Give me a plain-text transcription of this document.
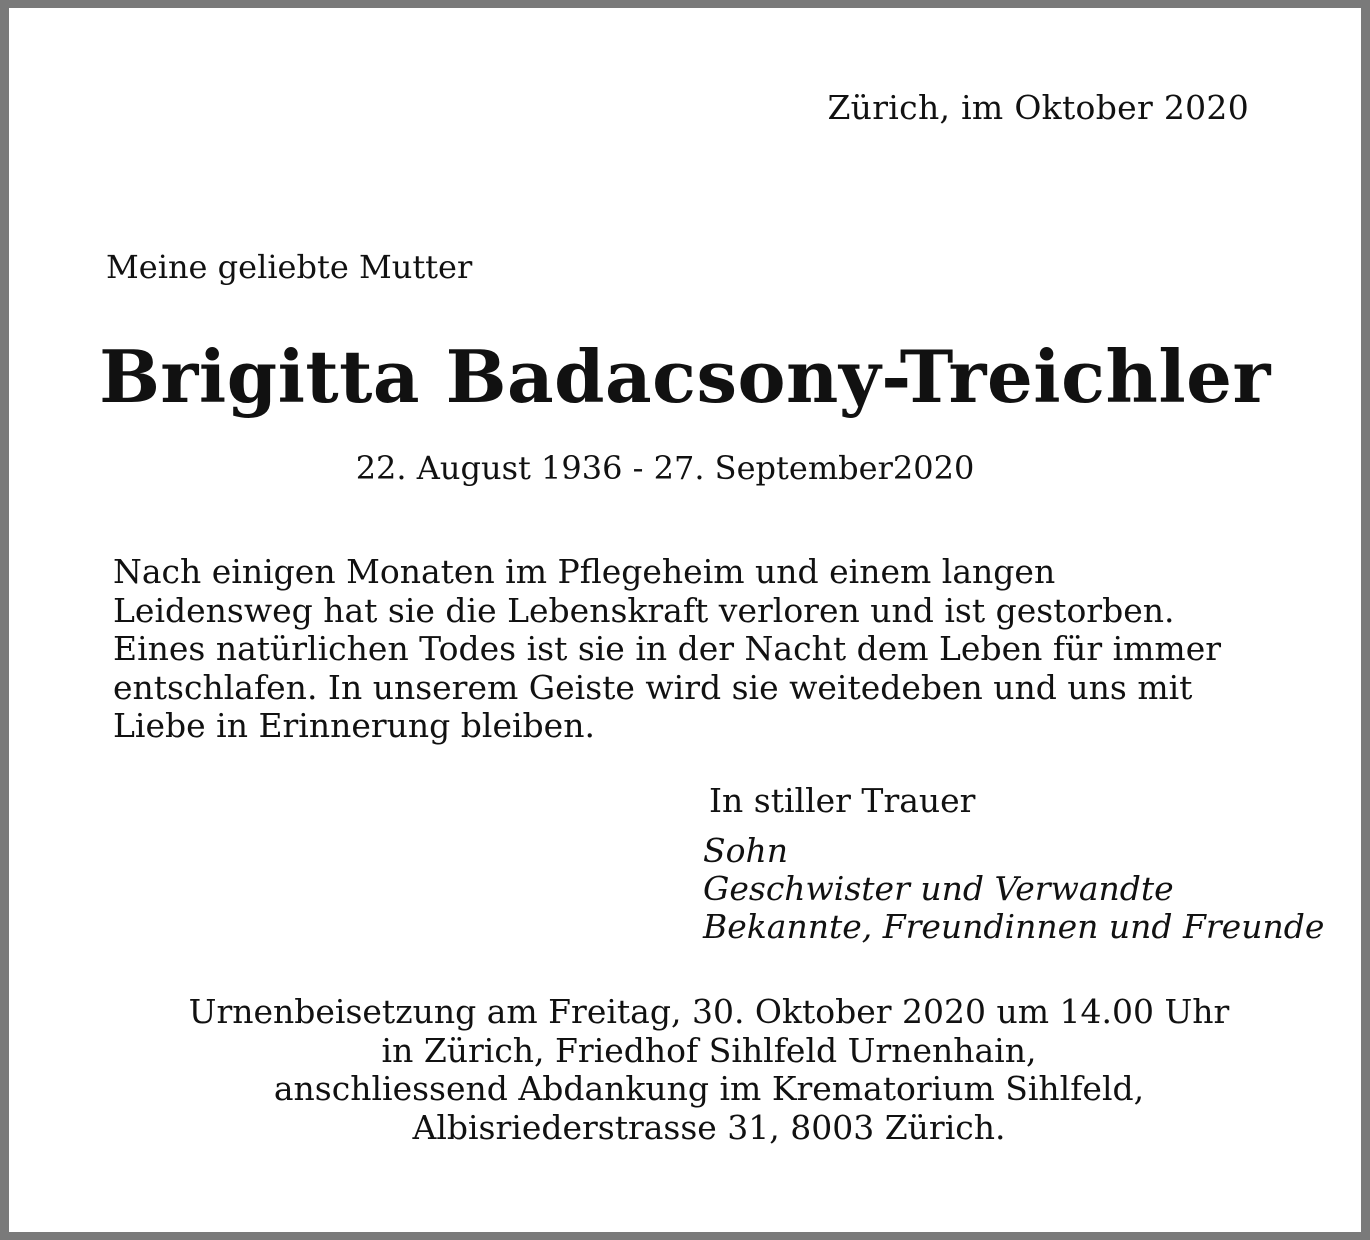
Zürich, im Oktober 2020

Meine geliebte Mutter

Brigitta Badacsony-Treichler

22. August 1936 - 27. September2020

Nach einigen Monaten im Pflegeheim und einem langen
Leidensweg hat sie die Lebenskraft verloren und ist gestorben.
Eines natürlichen Todes ist sie in der Nacht dem Leben für immer
entschlafen. In unserem Geiste wird sie weitedeben und uns mit
Liebe in Erinnerung bleiben.

In stiller Trauer

Sohn
Geschwister und Verwandte
Bekannte, Freundinnen und Freunde
Urnenbeisetzung am Freitag, 30. Oktober 2020 um 14.00 Uhr
in Zürich, Friedhof Sihlfeld Urnenhain,
anschliessend Abdankung im Krematorium Sihlfeld,
Albisriederstrasse 31, 8003 Zürich.
